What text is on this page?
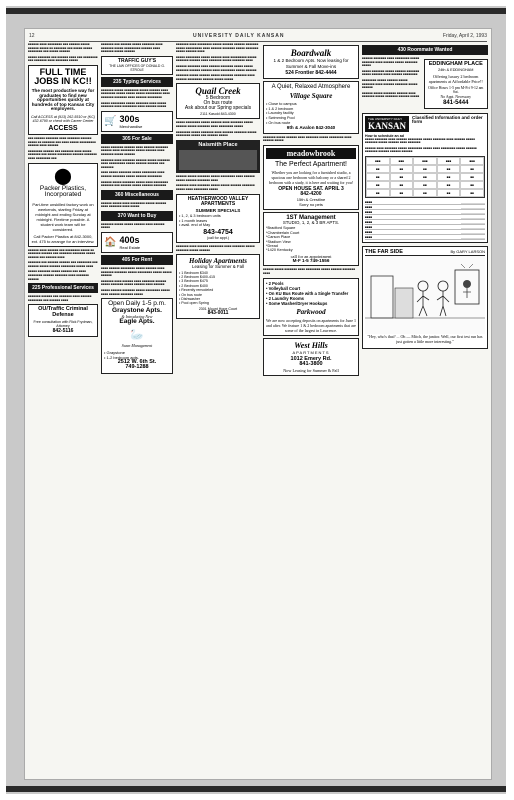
12	UNIVERSITY DAILY KANSAN	Friday, April 2, 1993

■■■■■■ ■■■■ ■■■■■■■■ ■■■ ■■■■■■ ■■■■■ ■■■■■■ ■■■■■ ■■ ■■■■■■■ ■■■ ■■■■■ ■■■■■ ■■■■■■■■ ■■■ ■■■■■ ■■■■■■

■■■■■ ■■■■■■■ ■■■ ■■■■■■ ■■■■ ■■■ ■■■■■■■■ ■■■ ■■■■■■■ ■■■■ ■■■■■■■ ■■■■■

FULL TIME JOBS IN KC!!
The most productive way for graduates to find new opportunities quickly at hundreds of top Kansas City employers.
Call ACCESS at (913) 262-5510 or (KC) 432-6790 or check with Career Center
ACCESS

■■■ ■■■■■■ ■■■■■■■ ■■■■ ■■■■■■■ ■■■■■■ ■■■■■ ■■ ■■■■■■■ ■■■ ■■■■ ■■■■■ ■■■■■■■■■ ■■■■■■ ■■■■ ■■■■■■

■■■■■■■■ ■■■■■■ ■■■ ■■■■■■■ ■■■■ ■■■■■ ■■■■■■■ ■■■ ■■■■■ ■■■■■■■■ ■■■■■■ ■■■■■■■ ■■■■ ■■■■■■■■ ■■■

⬤
Packer Plastics, Incorporated
Part-time unskilled factory work on weekends, starting Friday at midnight and ending Sunday at midnight. Flextime possible. A student work team will be considered.
Call Packer Plastics at 842-3000, ext. 475 to arrange for an interview.

■■■■■■ ■■■■ ■■■■■■ ■■■ ■■■■■■■■ ■■■■■ ■■ ■■■■■■■ ■■■■■■ ■■■ ■■■■■■■ ■■■■■■■ ■■■■■ ■■■■■■ ■■■ ■■■■■■ ■■■■

■■■■■■■ ■■■ ■■■■■■ ■■■■■■ ■■■ ■■■■■■■■ ■■■ ■■■■■■ ■■■■■ ■■■■■■ ■■■■■■■■ ■■■■■ ■■■■

■■■■■ ■■■■■■■ ■■■■■ ■■■■■■ ■■■ ■■■■ ■■■■■■■■ ■■■■■■ ■■■■■■■ ■■■■ ■■■■■■■ ■■■■■■

225 Professional Services

■■■■■■■ ■■■■■■ ■■■ ■■■■■■■ ■■■■ ■■■■■■ ■■■■■■■■ ■■■ ■■■■■■ ■■■■

OU/Traffic Criminal Defense
Free consultation with Rick Frydman, Attorney
842-5116

■■■■■■■ ■■■ ■■■■■■ ■■■■■ ■■■■■■■ ■■■■ ■■■■■■■ ■■■■■ ■■■■■■■■■ ■■■■■■ ■■■■ ■■■■■■■ ■■■■■ ■■■■■■

TRAFFIC GUY'S
THE LAW OFFICES OF DONALD G. STROLE
235 Typing Services

■■■■■■■ ■■■■■ ■■■■■■■■ ■■■■■ ■■■■■■ ■■■■ ■■■■■■■■ ■■■■■ ■■■■■ ■■■■■ ■■■■■■■■■ ■■■■ ■■■■■■■ ■■■■■■■ ■■■■ ■■■■■■ ■■■■■■■■

■■■■■ ■■■■■■■■ ■■■■■ ■■■■■■■ ■■■■ ■■■■■ ■■■■■■■ ■■■■ ■■■■■■■■ ■■■■ ■■■■■■ ■■■■■

🛒 300s
Merchandise
305 For Sale

■■■■■ ■■■■■■■ ■■■■■■ ■■■■ ■■■■■■ ■■■■■■■ ■■■■■■ ■■■■ ■■■■■■■■ ■■■■■ ■■■■■■ ■■■■ ■■■■■■■ ■■■■■ ■■■■■■

■■■■■■■ ■■■■ ■■■■■■■ ■■■■■■ ■■■■■ ■■■■■■■ ■■■■ ■■■■■■■■■ ■■■■■ ■■■■■■ ■■■■■■ ■■■ ■■■■■■■

■■■■ ■■■■■ ■■■■■■■ ■■■■■ ■■■■■■■■ ■■■■ ■■■■■■ ■■■■■■■ ■■■■■ ■■■■■■ ■■■■■■■■

■■■■■■ ■■■■■ ■■■■■■■ ■■■■■ ■■■■ ■■■■■■■■ ■■■■■■■ ■■■ ■■■■■■ ■■■■■ ■■■■■■ ■■■■■■■

360 Miscellaneous

■■■■■■ ■■■■■ ■■■■ ■■■■■■■■ ■■■■■ ■■■■■■ ■■■■ ■■■■■■■ ■■■■ ■■■■■

370 Want to Buy

■■■■■■■ ■■■■■ ■■■■■ ■■■■■■ ■■■■ ■■■■■■ ■■■■■

🏠 400s
Real Estate
405 For Rent

■■■■ ■■■■■■ ■■■■■■■■ ■■■■■ ■■■■■■ ■■■■ ■■■■■■■ ■■■■■■■ ■■■■■ ■■■■■■■■ ■■■■■ ■■■■■ ■■■■■■

■■■■■■■ ■■■■ ■■■■■■ ■■■■ ■■■■■■■ ■■■■■■ ■■■■■ ■■■■■■■ ■■■■■ ■■■■■■ ■■■■ ■■■■■■

■■■■■ ■■■■■■ ■■■■■■■ ■■■■■ ■■■■■■■■ ■■■■■ ■■■■ ■■■■■■ ■■■■■■■ ■■■■■

Open Daily 1-5 p.m.
Graystone Apts.
& Introducing New
Eagle Apts.
🦢
Swan Management
• Graystone
• 1-2 bedroom apts.
2512 W. 6th St.
749-1288

■■■■■■■ ■■■■ ■■■■■■■■ ■■■■■ ■■■■■■ ■■■■■■ ■■■■■■■ ■■■■■ ■■■■■■■■■ ■■■■ ■■■■■■ ■■■■■■■ ■■■■■ ■■■■■■■ ■■■■■ ■■■■■■ ■■■■

■■■■■ ■■■■■■■■ ■■■■■ ■■■■■■ ■■■■ ■■■■■■■■■ ■■■■■ ■■■■■■■ ■■■■■■ ■■■■ ■■■■■■■ ■■■■■ ■■■■■■■ ■■■■

■■■■■■ ■■■■■■■ ■■■■ ■■■■■■ ■■■■■■■ ■■■■■ ■■■■■ ■■■■■■■ ■■■■■■ ■■■■■■ ■■■■ ■■■■■■■■ ■■■■■ ■■■■■■

■■■■■■■ ■■■■■ ■■■■■■ ■■■■■ ■■■■■■■ ■■■■■■■ ■■■■ ■■■■■■ ■■■■■■■■ ■■■■■■ ■■■■■ ■■■■■

Quail Creek
5 Bedroom
On bus route
Ask about our Spring specials
2111 Kasold 843-4300

■■■■■ ■■■■■■■■ ■■■■■ ■■■■■■ ■■■■ ■■■■■■■ ■■■■■ ■■■■■■ ■■■■■ ■■■■■■■ ■■■■ ■■■■■■■■ ■■■■■

■■■■■■■■ ■■■■■ ■■■■■■■ ■■■■ ■■■■■■ ■■■■■■■ ■■■■■ ■■■■■■■■ ■■■■■ ■■■ ■■■■■■ ■■■■■

Naismith Place

■■■■■■ ■■■■■ ■■■■■■■ ■■■■■ ■■■■■■■■ ■■■■ ■■■■■■ ■■■■■ ■■■■■■ ■■■■■■■ ■■■■

■■■■■■■ ■■■■ ■■■■■■■ ■■■■■ ■■■■■ ■■■■■■ ■■■■■■■ ■■■■■ ■■■■ ■■■■■■■■ ■■■■■

HEATHERWOOD VALLEY APARTMENTS
SUMMER SPECIALS
• 1, 2, & 3 bedroom units
• 1 month leases
• avail. end of May
843-4754
(call for appt.)

■■■■■■■ ■■■■ ■■■■■■ ■■■■■■■■ ■■■■ ■■■■■■■ ■■■■■ ■■■■■■■ ■■■■■ ■■■■■■

Holiday Apartments
Leasing for Summer & Fall
• 1 Bedroom $340
• 2 Bedroom $400-415
• 3 Bedroom $475
• 2 Bedroom $400
• Recently remodeled
• On bus route
• Dishwasher
• Pool open Spring
2301 Mount Hope Court
843-0011
Boardwalk
1 & 2 Bedroom Apts. Now leasing for Summer & Fall Move-ins
524 Frontier 842-4444
A Quiet, Relaxed Atmosphere
Village Square
• Close to campus
• 1 & 2 bedroom
• Laundry facility
• Swimming Pool
• On bus route
9th & Avalon 842-3040

■■■■■■■ ■■■■■ ■■■■■■ ■■■■ ■■■■■■■ ■■■■■ ■■■■■■■■ ■■■■ ■■■■■■ ■■■■■

meadowbrook
The Perfect Apartment!
Whether you are looking for a furnished studio, a spacious one bedroom with balcony or a shared 2 bedroom with a study, it is here and waiting for you!
OPEN HOUSE SAT. APRIL 3
842-4200
15th & Crestline
Sorry no pets
1ST Management
STUDIO, 1, 2, & 3 BR APTS.
*Bradford Square
*Chamberlain Court
*Carson Place
*Stadium View
*Dread
*1420 Kentucky
call for an appointment
M-F 1-5 749-1556

■■■■■■ ■■■■■ ■■■■■■■ ■■■■ ■■■■■■■■ ■■■■■ ■■■■■■ ■■■■■■■ ■■■■

• 2 Pools
• Volleyball Court
• On KU Bus Route with a Single Transfer
• 2 Laundry Rooms
• Some Washer/Dryer Hookups
Parkwood
We are now accepting deposits on apartments for June 1 and after. We feature 1 & 2 bedroom apartments that are some of the largest in Lawrence.
West Hills
APARTMENTS
1012 Emery Rd.
841-3800
Now Leasing for Summer & Fall
430 Roommate Wanted

■■■■■■ ■■■■■■■ ■■■■ ■■■■■■■■ ■■■■■ ■■■■■■■ ■■■■ ■■■■■■ ■■■■■ ■■■■■■■ ■■■■■

■■■■■ ■■■■■■■ ■■■■■ ■■■■■■ ■■■■■■■ ■■■■■ ■■■■■■ ■■■■ ■■■■■■ ■■■■■■■■

■■■■■■■■ ■■■■■ ■■■■■■ ■■■■■ ■■■■■■■ ■■■■ ■■■■■■ ■■■■■■■ ■■■■■ ■■■■■■

■■■■■■ ■■■■■ ■■■■■■■ ■■■■■■ ■■■■ ■■■■■■■ ■■■■■ ■■■■■■■ ■■■■■■ ■■■■■

EDDINGHAM PLACE
24th & EDDINGHAM
Offering luxury 2 bedroom apartments at Affordable Price!!
Office Hours 1-5 pm M-Fri 9-12 am Sat.
No Appt. Necessary
841-5444
THE UNIVERSITY DAILY
KANSAN
Classified Information and order form
How to schedule an ad

■■■■■ ■■■■■■■ ■■■■ ■■■■■■ ■■■■■■■■ ■■■■■ ■■■■■■■ ■■■■ ■■■■■■ ■■■■■ ■■■■■■■ ■■■■■ ■■■■■■ ■■■■ ■■■■■■■

■■■■■■ ■■■■ ■■■■■■■ ■■■■■ ■■■■■■■■ ■■■■■ ■■■■ ■■■■■■■■ ■■■■■ ■■■■■■ ■■■■■■■ ■■■■■■ ■■■■■■ ■■■■■■

■■■	■■■	■■■	■■■	■■■
■■	■■	■■	■■	■■
■■	■■	■■	■■	■■
■■	■■	■■	■■	■■
■■	■■	■■	■■	■■
■■■■	________________
■■■■	________________
■■■■	________________
■■■■	________________
■■■■	________________
■■■■	________________
■■■■	________________
■■■■	________________
THE FAR SIDE	By GARY LARSON
"Hey, who's that? ... Oh — Mitch, the janitor. Well, our first test run has just gotten a little more interesting."
